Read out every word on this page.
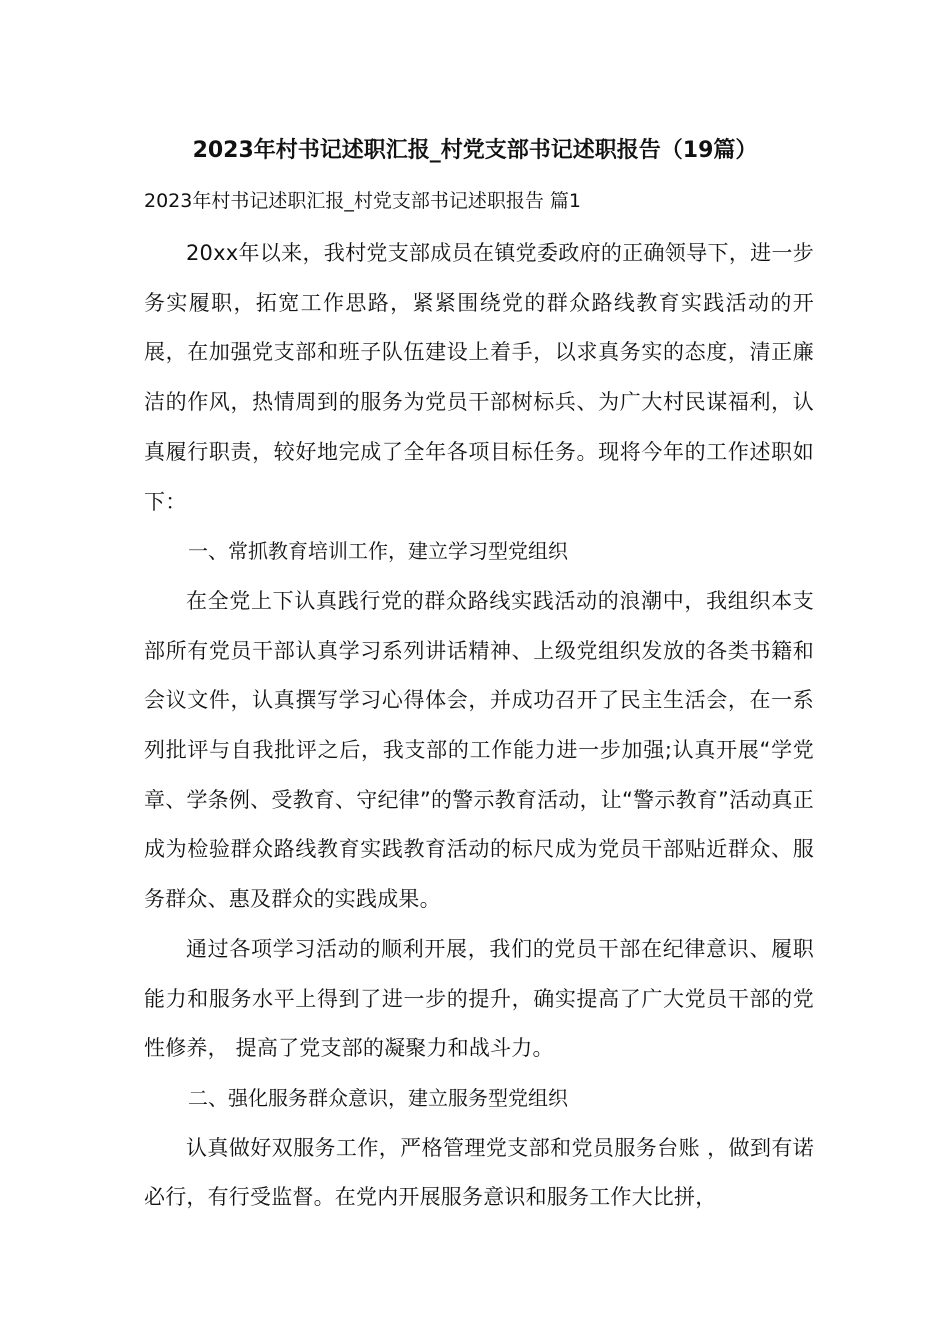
2023年村书记述职汇报_村党支部书记述职报告（19篇）
2023年村书记述职汇报_村党支部书记述职报告 篇1

20xx年以来，我村党支部成员在镇党委政府的正确领导下，进一步务实履职，拓宽工作思路，紧紧围绕党的群众路线教育实践活动的开展，在加强党支部和班子队伍建设上着手，以求真务实的态度，清正廉洁的作风，热情周到的服务为党员干部树标兵、为广大村民谋福利，认真履行职责，较好地完成了全年各项目标任务。现将今年的工作述职如下：

一、常抓教育培训工作，建立学习型党组织

在全党上下认真践行党的群众路线实践活动的浪潮中，我组织本支部所有党员干部认真学习系列讲话精神、上级党组织发放的各类书籍和会议文件，认真撰写学习心得体会，并成功召开了民主生活会，在一系列批评与自我批评之后，我支部的工作能力进一步加强;认真开展“学党章、学条例、受教育、守纪律”的警示教育活动，让“警示教育”活动真正成为检验群众路线教育实践教育活动的标尺成为党员干部贴近群众、服务群众、惠及群众的实践成果。

通过各项学习活动的顺利开展，我们的党员干部在纪律意识、履职能力和服务水平上得到了进一步的提升，确实提高了广大党员干部的党性修养， 提高了党支部的凝聚力和战斗力。

二、强化服务群众意识，建立服务型党组织

认真做好双服务工作，严格管理党支部和党员服务台账 ，做到有诺必行，有行受监督。在党内开展服务意识和服务工作大比拼，
